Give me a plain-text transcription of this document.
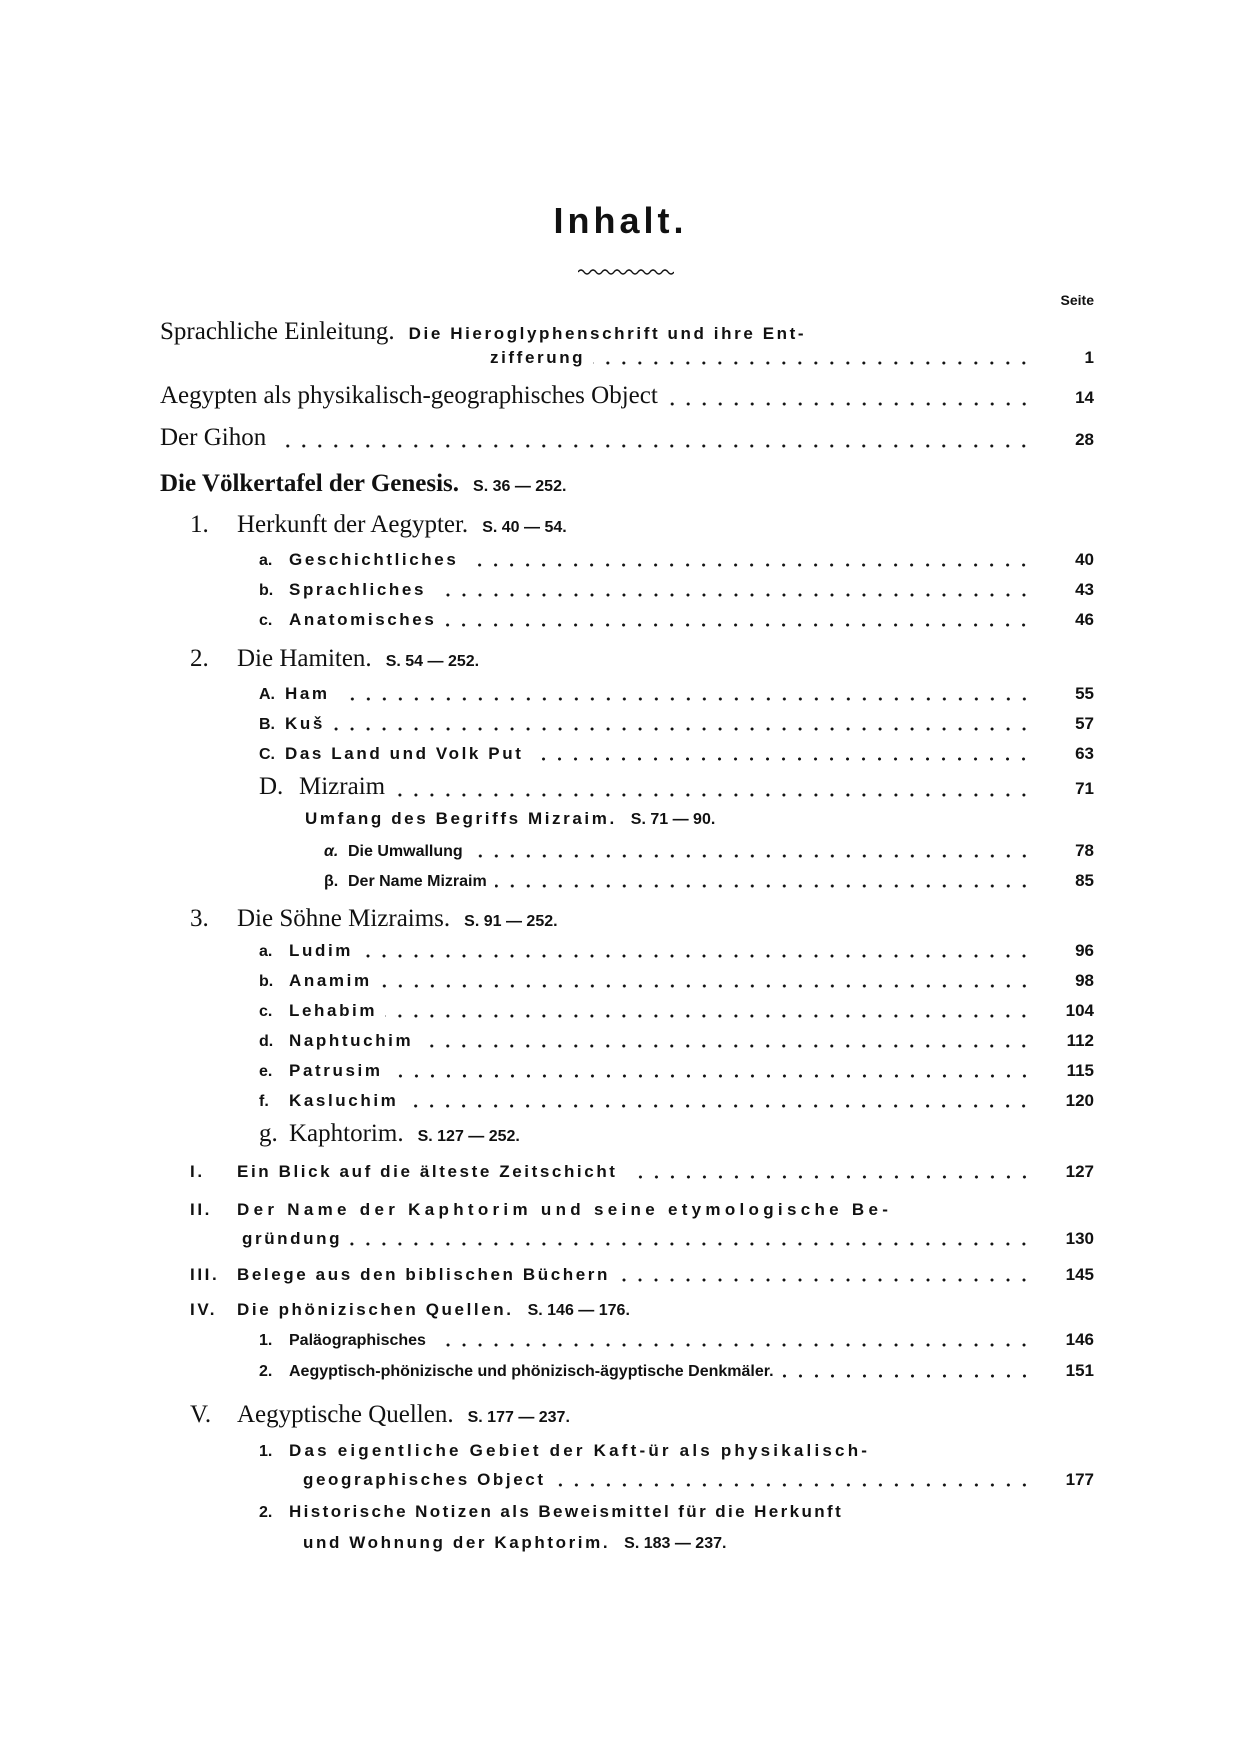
Inhalt.
Seite
Sprachliche Einleitung. Die Hieroglyphenschrift und ihre Ent-
zifferung	1
Aegypten als physikalisch-geographisches Object	14
Der Gihon	28
Die Völkertafel der Genesis. S. 36 — 252.
1.	Herkunft der Aegypter. S. 40 — 54.
a. Geschichtliches	40
b. Sprachliches	43
c. Anatomisches	46
2.	Die Hamiten. S. 54 — 252.
A. Ham	55
B. Kuš	57
C. Das Land und Volk Put	63
D. Mizraim	71
Umfang des Begriffs Mizraim. S. 71 — 90.
α. Die Umwallung	78
β. Der Name Mizraim	85
3.	Die Söhne Mizraims. S. 91 — 252.
a. Ludim	96
b. Anamim	98
c. Lehabim	104
d. Naphtuchim	112
e. Patrusim	115
f.	Kasluchim	120
g. Kaphtorim. S. 127 — 252.
I.	Ein Blick auf die älteste Zeitschicht	127
II.	Der Name der Kaphtorim und seine etymologische Be-
gründung	130
III.	Belege aus den biblischen Büchern	145
IV.	Die phönizischen Quellen. S. 146 — 176.
1.	Paläographisches	146
2.	Aegyptisch-phönizische und phönizisch-ägyptische Denkmäler.	151
V.	Aegyptische Quellen. S. 177 — 237.
1. Das eigentliche Gebiet der Kaft-ür als physikalisch-
geographisches Object	177
2. Historische Notizen als Beweismittel für die Herkunft
und Wohnung der Kaphtorim. S. 183 — 237.
